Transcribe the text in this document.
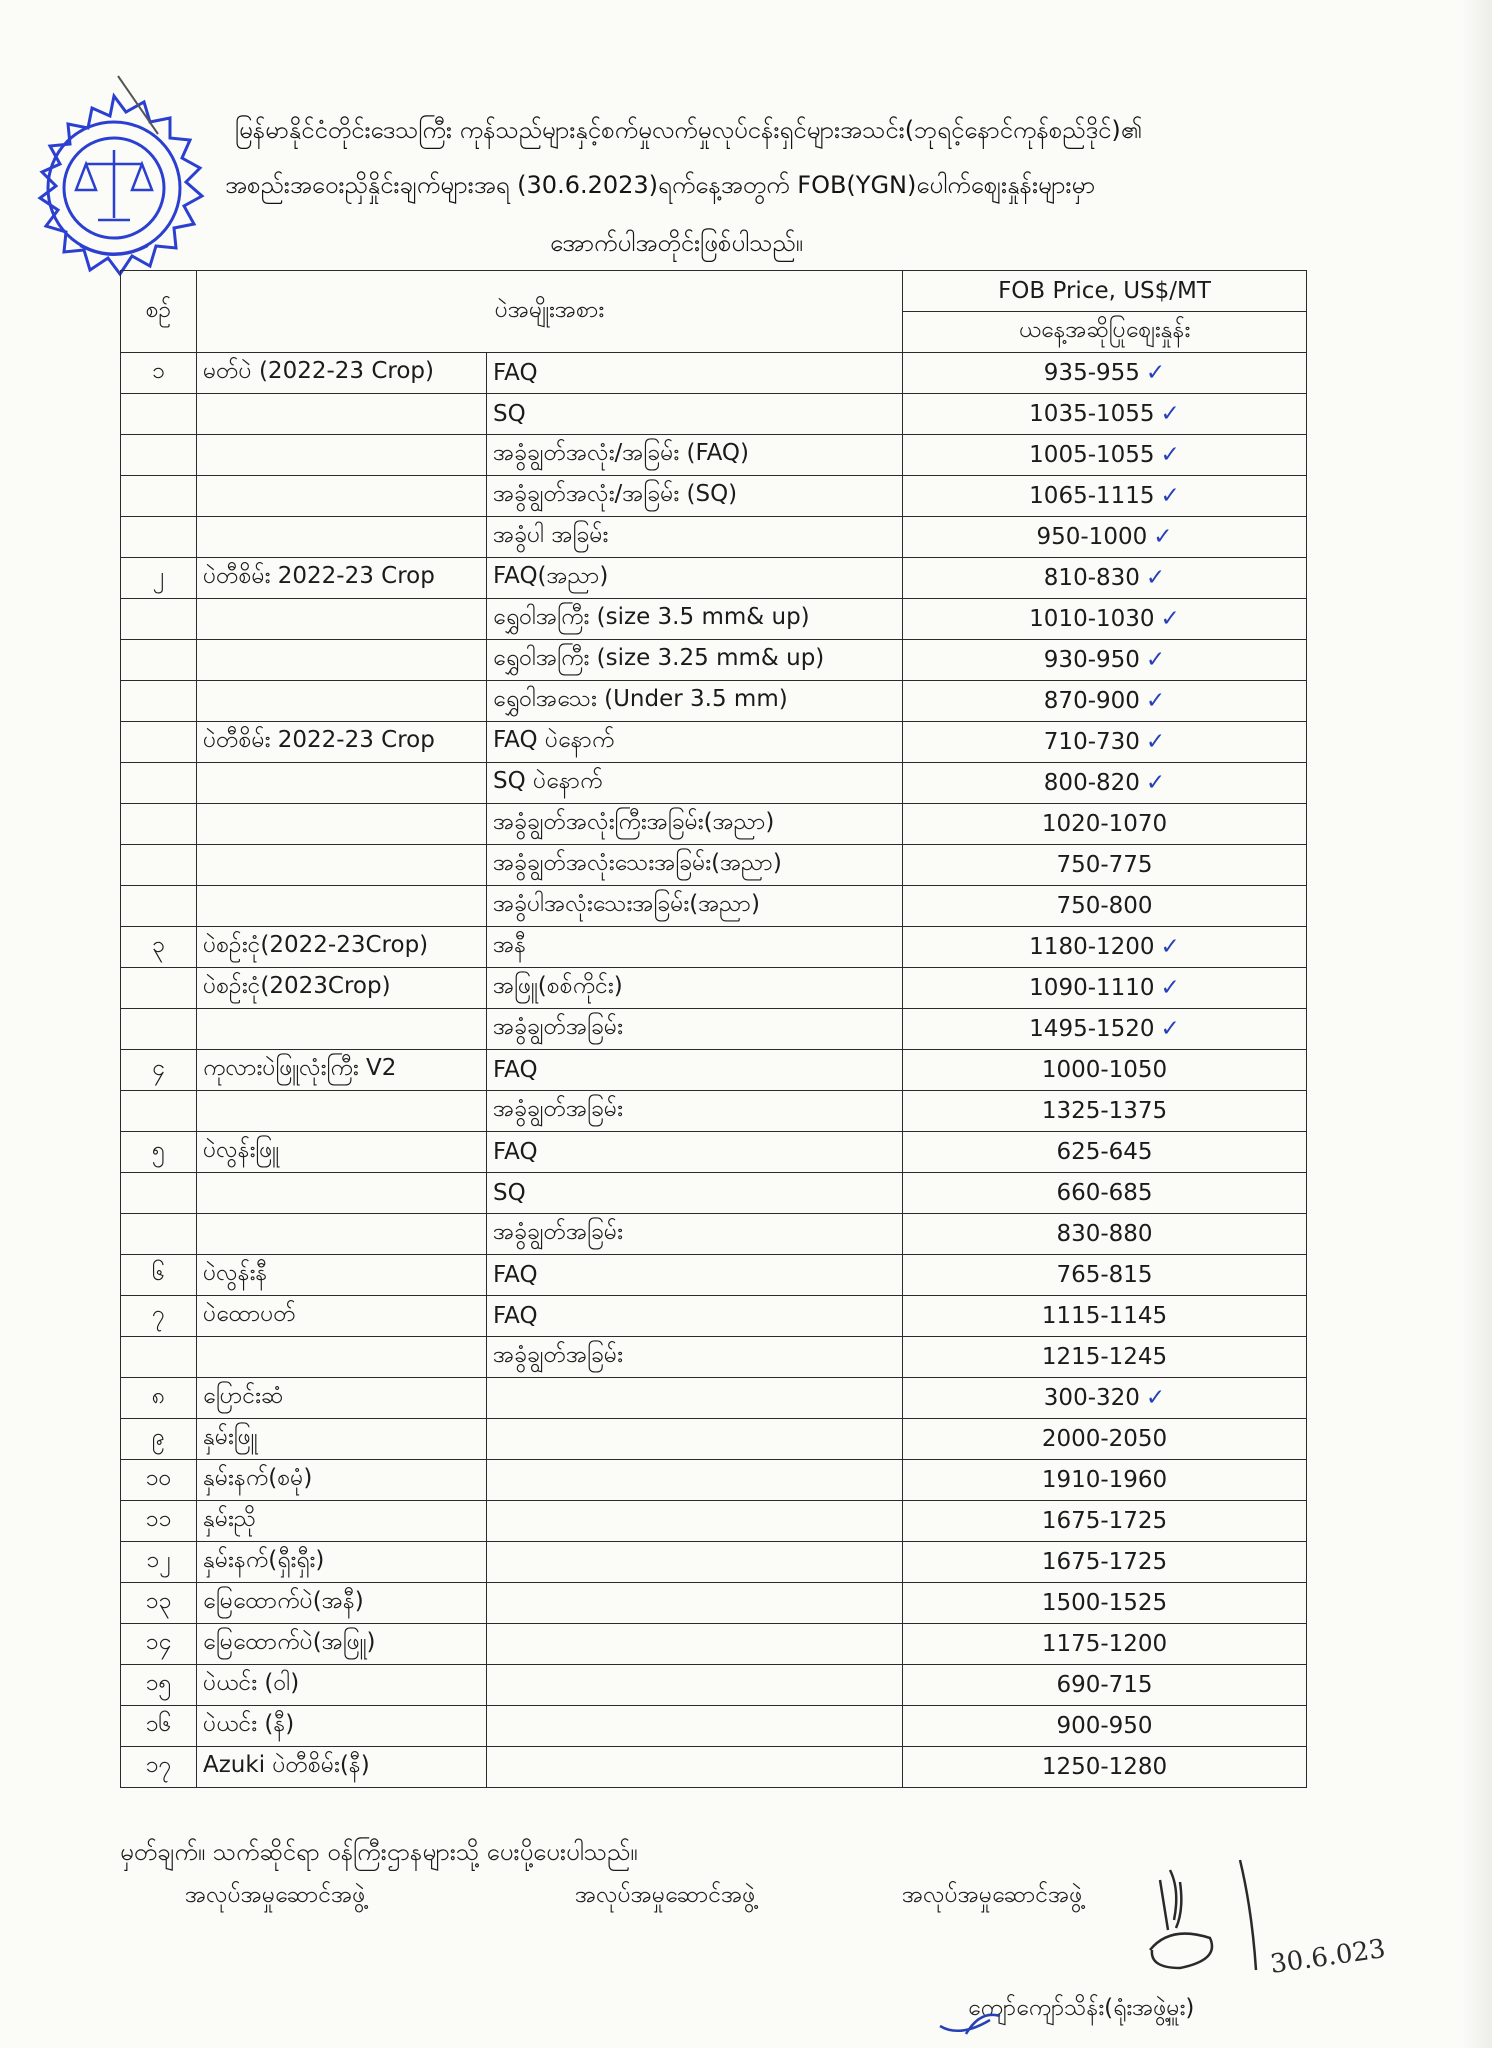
မြန်မာနိုင်ငံတိုင်းဒေသကြီး ကုန်သည်များနှင့်စက်မှုလက်မှုလုပ်ငန်းရှင်များအသင်း(ဘုရင့်နောင်ကုန်စည်ဒိုင်)၏
အစည်းအဝေးညှိနှိုင်းချက်များအရ (30.6.2023)ရက်နေ့အတွက် FOB(YGN)ပေါက်စျေးနှုန်းများမှာ
အောက်ပါအတိုင်းဖြစ်ပါသည်။
စဉ်	ပဲအမျိုးအစား		FOB Price, US$/MT
			ယနေ့အဆိုပြုစျေးနှုန်း
၁	မတ်ပဲ (2022-23 Crop)	FAQ	935-955 ✓
		SQ	1035-1055 ✓
		အခွံချွတ်အလုံး/အခြမ်း (FAQ)	1005-1055 ✓
		အခွံချွတ်အလုံး/အခြမ်း (SQ)	1065-1115 ✓
		အခွံပါ အခြမ်း	950-1000 ✓
၂	ပဲတီစိမ်း 2022-23 Crop	FAQ(အညာ)	810-830 ✓
		ရွှေဝါအကြီး (size 3.5 mm& up)	1010-1030 ✓
		ရွှေဝါအကြီး (size 3.25 mm& up)	930-950 ✓
		ရွှေဝါအသေး (Under 3.5 mm)	870-900 ✓
	ပဲတီစိမ်း 2022-23 Crop	FAQ ပဲနောက်	710-730 ✓
		SQ ပဲနောက်	800-820 ✓
		အခွံချွတ်အလုံးကြီးအခြမ်း(အညာ)	1020-1070
		အခွံချွတ်အလုံးသေးအခြမ်း(အညာ)	750-775
		အခွံပါအလုံးသေးအခြမ်း(အညာ)	750-800
၃	ပဲစဉ်းငုံ(2022-23Crop)	အနီ	1180-1200 ✓
	ပဲစဉ်းငုံ(2023Crop)	အဖြူ(စစ်ကိုင်း)	1090-1110 ✓
		အခွံချွတ်အခြမ်း	1495-1520 ✓
၄	ကုလားပဲဖြူလုံးကြီး V2	FAQ	1000-1050
		အခွံချွတ်အခြမ်း	1325-1375
၅	ပဲလွန်းဖြူ	FAQ	625-645
		SQ	660-685
		အခွံချွတ်အခြမ်း	830-880
၆	ပဲလွန်းနီ	FAQ	765-815
၇	ပဲထောပတ်	FAQ	1115-1145
		အခွံချွတ်အခြမ်း	1215-1245
၈	ပြောင်းဆံ		300-320 ✓
၉	နှမ်းဖြူ		2000-2050
၁၀	နှမ်းနက်(စမုံ)		1910-1960
၁၁	နှမ်းညို		1675-1725
၁၂	နှမ်းနက်(ရှီးရှီး)		1675-1725
၁၃	မြေထောက်ပဲ(အနီ)		1500-1525
၁၄	မြေထောက်ပဲ(အဖြူ)		1175-1200
၁၅	ပဲယင်း (ဝါ)		690-715
၁၆	ပဲယင်း (နီ)		900-950
၁၇	Azuki ပဲတီစိမ်း(နီ)		1250-1280
မှတ်ချက်။ သက်ဆိုင်ရာ ဝန်ကြီးဌာနများသို့ ပေးပို့ပေးပါသည်။
အလုပ်အမှုဆောင်အဖွဲ့	အလုပ်အမှုဆောင်အဖွဲ့	အလုပ်အမှုဆောင်အဖွဲ့
ကျော်ကျော်သိန်း(ရုံးအဖွဲ့မှူး)
30.6.023
